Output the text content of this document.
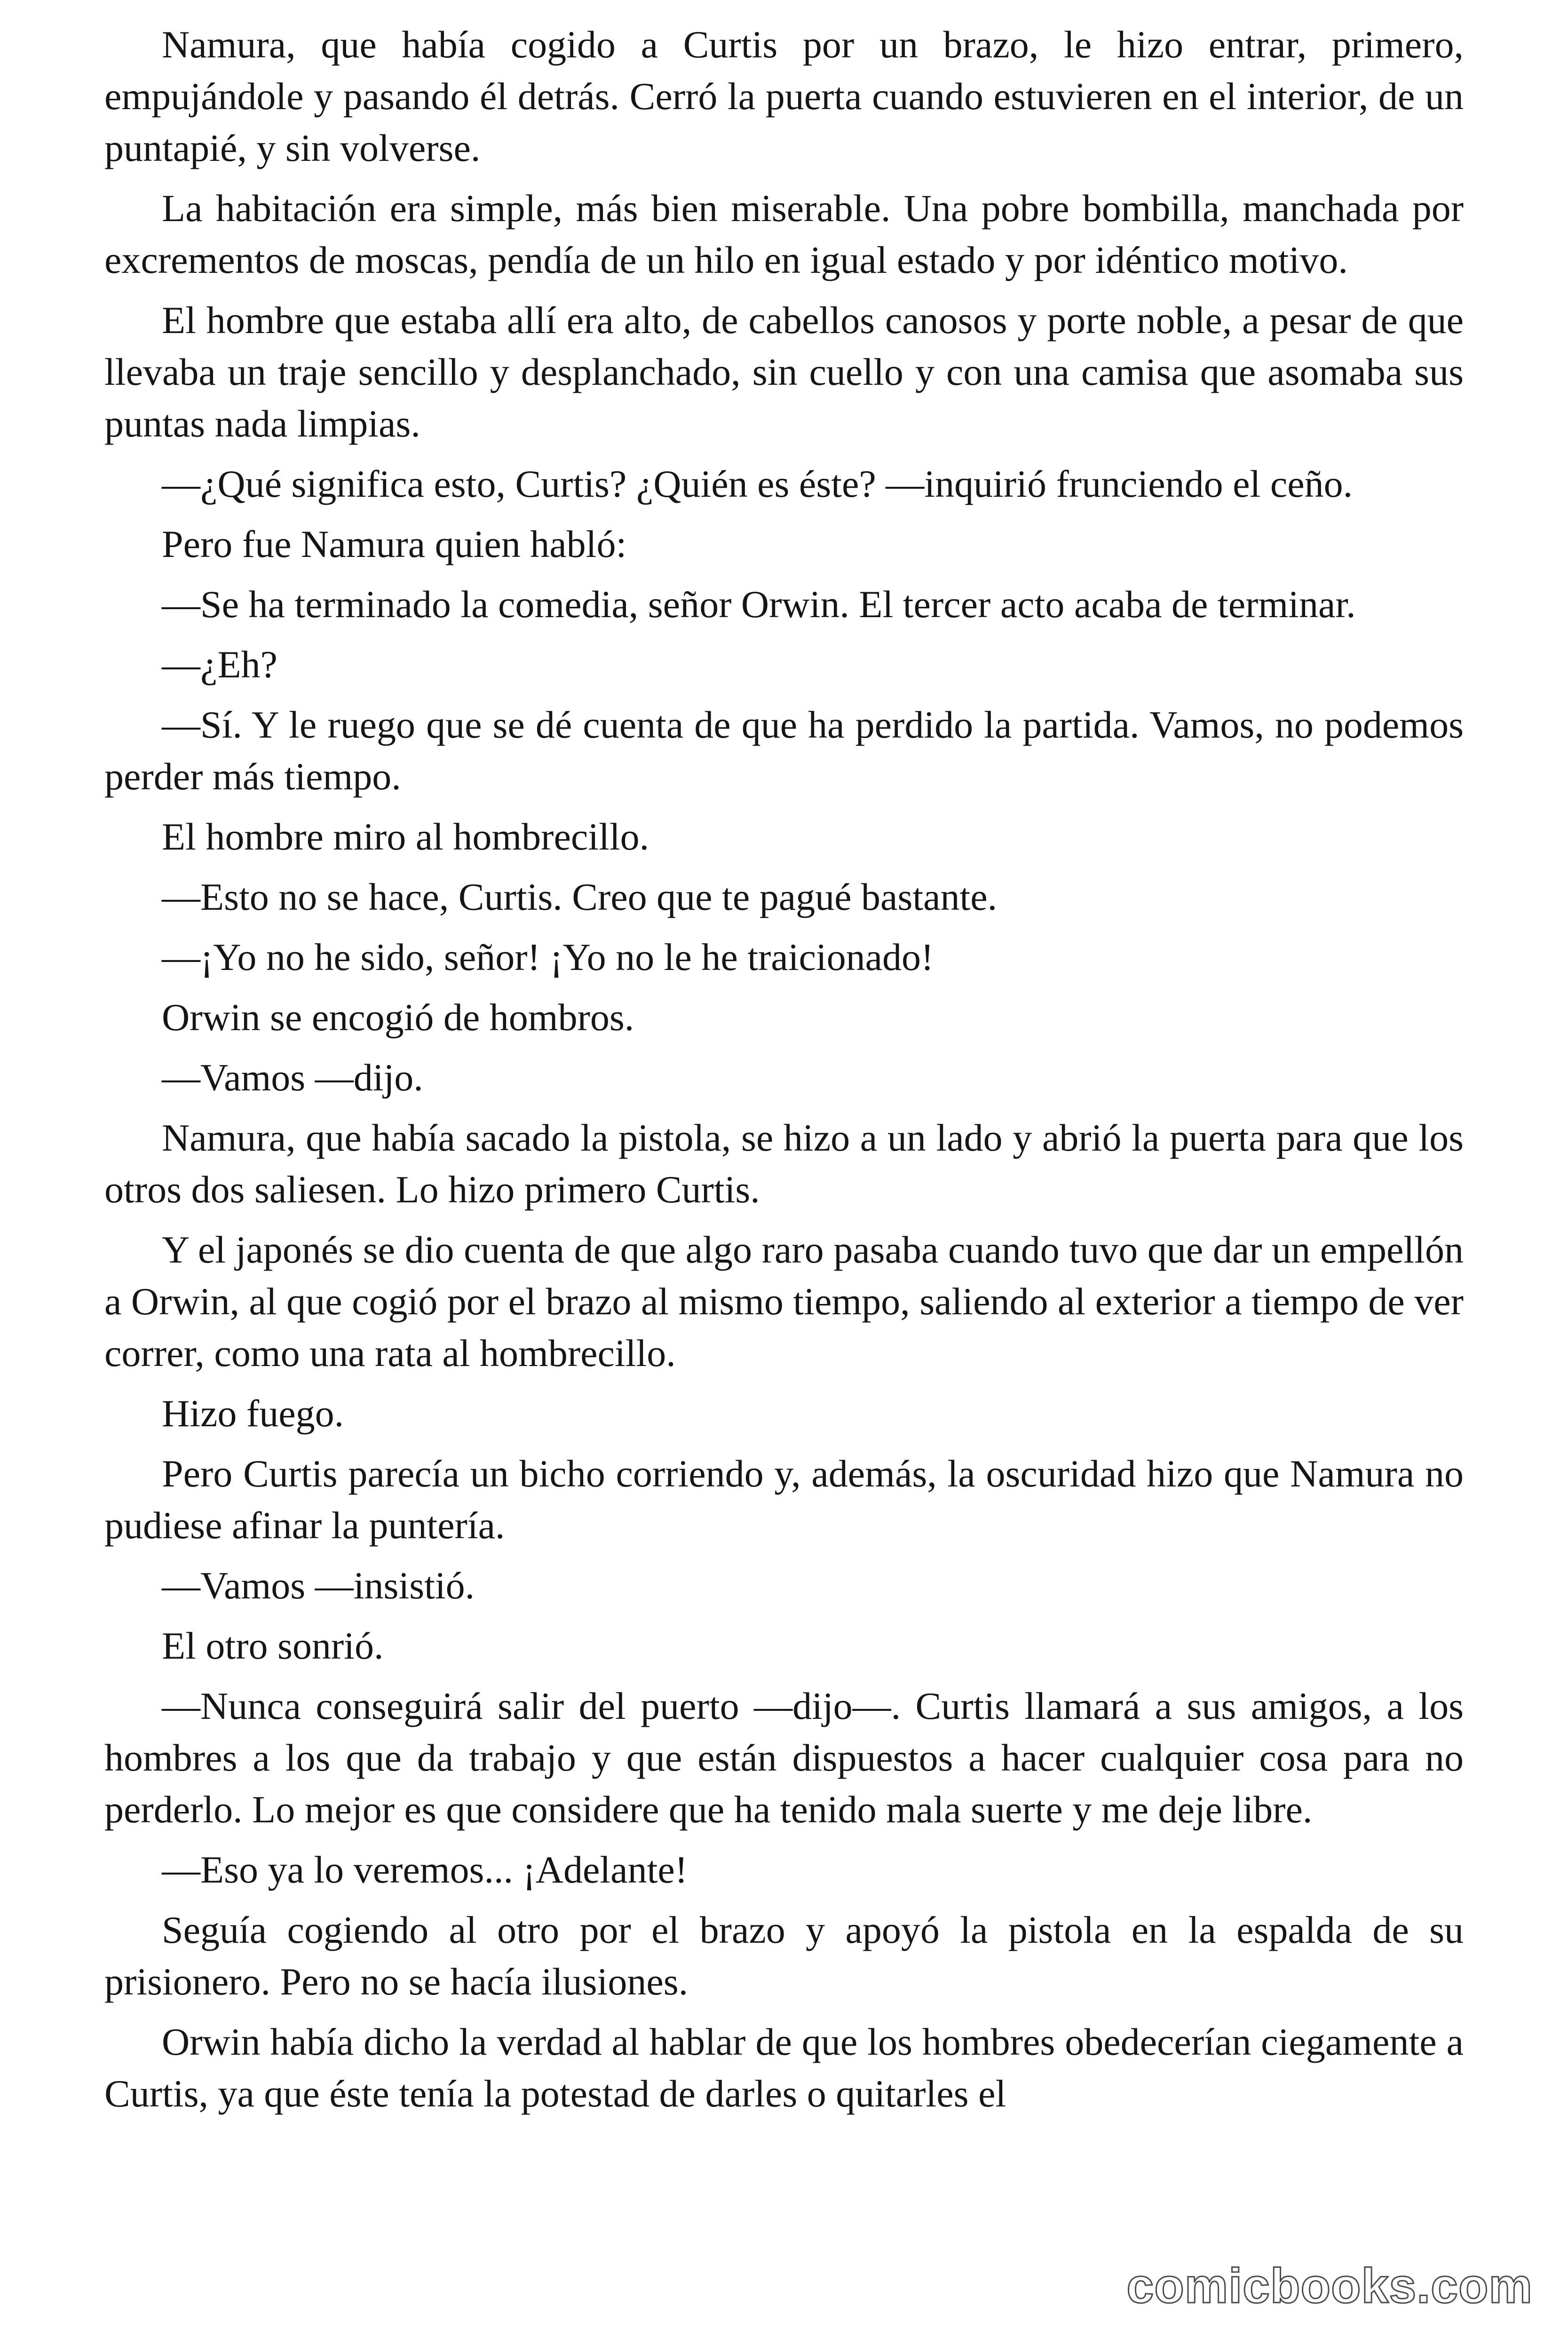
Namura, que había cogido a Curtis por un brazo, le hizo entrar, primero, empujándole y pasando él detrás. Cerró la puerta cuando estuvieren en el interior, de un puntapié, y sin volverse.

La habitación era simple, más bien miserable. Una pobre bombilla, manchada por excrementos de moscas, pendía de un hilo en igual estado y por idéntico motivo.

El hombre que estaba allí era alto, de cabellos canosos y porte noble, a pesar de que llevaba un traje sencillo y desplanchado, sin cuello y con una camisa que asomaba sus puntas nada limpias.

—¿Qué significa esto, Curtis? ¿Quién es éste? —inquirió frunciendo el ceño.

Pero fue Namura quien habló:

—Se ha terminado la comedia, señor Orwin. El tercer acto acaba de terminar.

—¿Eh?

—Sí. Y le ruego que se dé cuenta de que ha perdido la partida. Vamos, no podemos perder más tiempo.

El hombre miro al hombrecillo.

—Esto no se hace, Curtis. Creo que te pagué bastante.

—¡Yo no he sido, señor! ¡Yo no le he traicionado!

Orwin se encogió de hombros.

—Vamos —dijo.

Namura, que había sacado la pistola, se hizo a un lado y abrió la puerta para que los otros dos saliesen. Lo hizo primero Curtis.

Y el japonés se dio cuenta de que algo raro pasaba cuando tuvo que dar un empellón a Orwin, al que cogió por el brazo al mismo tiempo, saliendo al exterior a tiempo de ver correr, como una rata al hombrecillo.

Hizo fuego.

Pero Curtis parecía un bicho corriendo y, además, la oscuridad hizo que Namura no pudiese afinar la puntería.

—Vamos —insistió.

El otro sonrió.

—Nunca conseguirá salir del puerto —dijo—. Curtis llamará a sus amigos, a los hombres a los que da trabajo y que están dispuestos a hacer cualquier cosa para no perderlo. Lo mejor es que considere que ha tenido mala suerte y me deje libre.

—Eso ya lo veremos... ¡Adelante!

Seguía cogiendo al otro por el brazo y apoyó la pistola en la espalda de su prisionero. Pero no se hacía ilusiones.

Orwin había dicho la verdad al hablar de que los hombres obedecerían ciegamente a Curtis, ya que éste tenía la potestad de darles o quitarles el

comicbooks.com
